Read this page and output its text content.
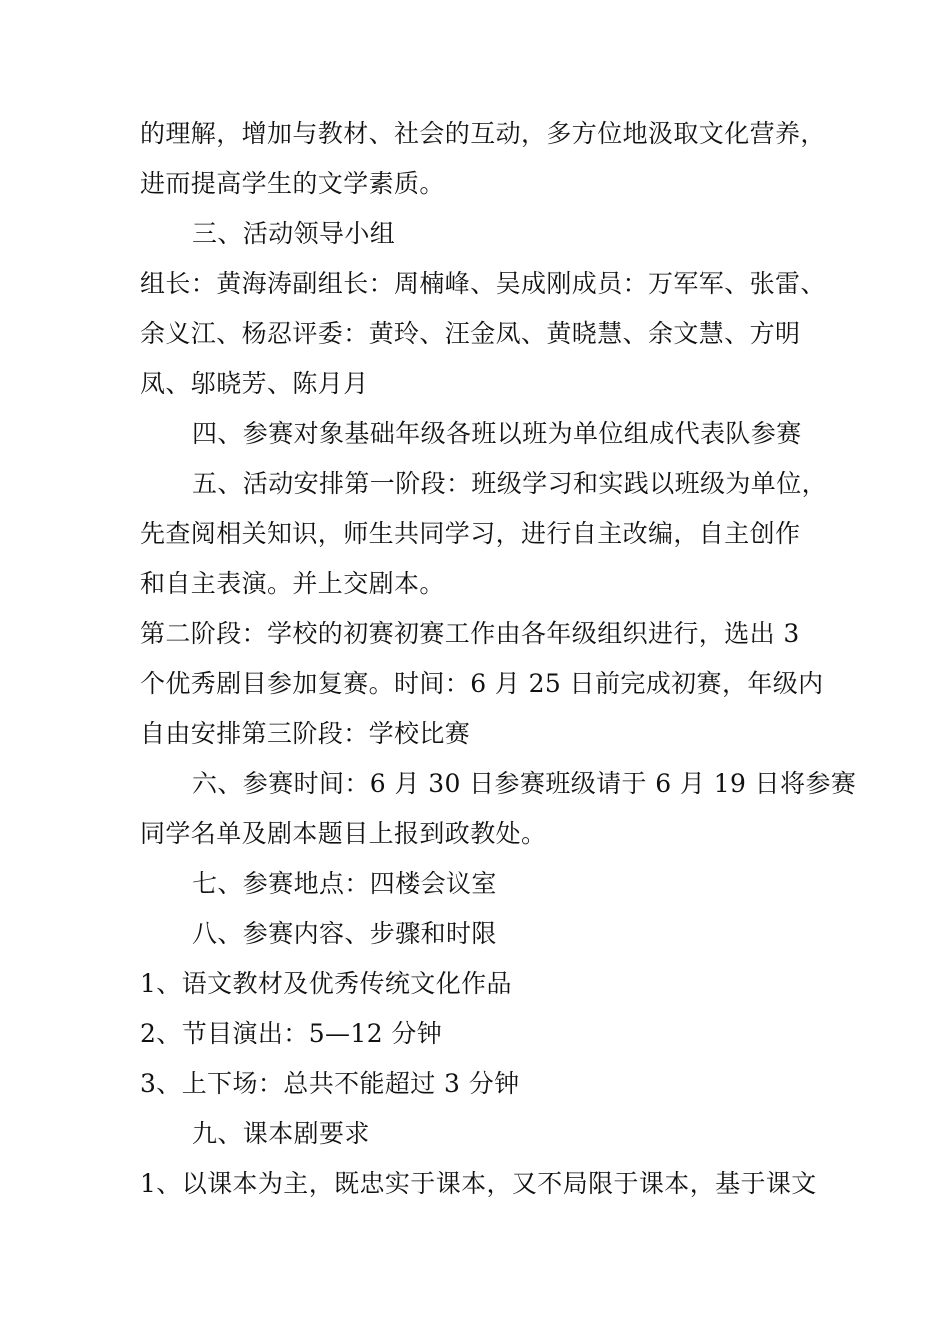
的理解，增加与教材、社会的互动，多方位地汲取文化营养，
进而提高学生的文学素质。
三、活动领导小组
组长：黄海涛副组长：周楠峰、吴成刚成员：万军军、张雷、
余义江、杨忍评委：黄玲、汪金凤、黄晓慧、余文慧、方明
凤、邬晓芳、陈月月
四、参赛对象基础年级各班以班为单位组成代表队参赛
五、活动安排第一阶段：班级学习和实践以班级为单位，
先查阅相关知识，师生共同学习，进行自主改编，自主创作
和自主表演。并上交剧本。
第二阶段：学校的初赛初赛工作由各年级组织进行，选出 3
个优秀剧目参加复赛。时间：6 月 25 日前完成初赛，年级内
自由安排第三阶段：学校比赛
六、参赛时间：6 月 30 日参赛班级请于 6 月 19 日将参赛
同学名单及剧本题目上报到政教处。
七、参赛地点：四楼会议室
八、参赛内容、步骤和时限
1、语文教材及优秀传统文化作品
2、节目演出：5—12 分钟
3、上下场：总共不能超过 3 分钟
九、课本剧要求
1、以课本为主，既忠实于课本，又不局限于课本，基于课文
